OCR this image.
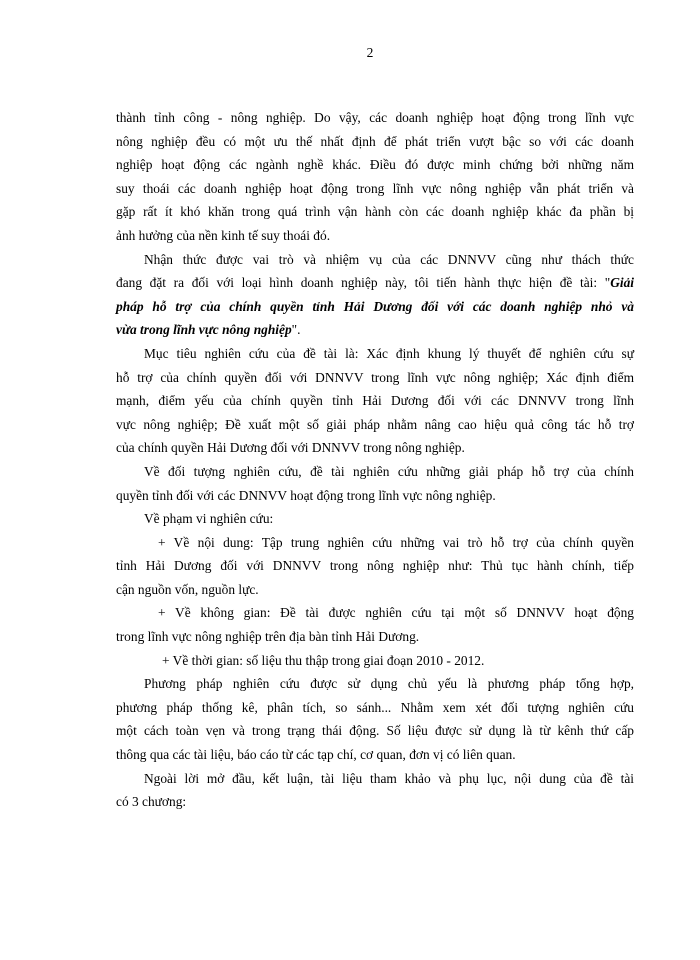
2
thành tỉnh công - nông nghiệp. Do vậy, các doanh nghiệp hoạt động trong lĩnh vực
nông nghiệp đều có một ưu thế nhất định để phát triển vượt bậc so với các doanh
nghiệp hoạt động các ngành nghề khác. Điều đó được minh chứng bởi những năm
suy thoái các doanh nghiệp hoạt động trong lĩnh vực nông nghiệp vẫn phát triển và
gặp rất ít khó khăn trong quá trình vận hành còn các doanh nghiệp khác đa phần bị
ảnh hưởng của nền kinh tế suy thoái đó.
Nhận thức được vai trò và nhiệm vụ của các DNNVV cũng như thách thức
đang đặt ra đối với loại hình doanh nghiệp này, tôi tiến hành thực hiện đề tài: "Giải
pháp hỗ trợ của chính quyền tỉnh Hải Dương đối với các doanh nghiệp nhỏ và
vừa trong lĩnh vực nông nghiệp".
Mục tiêu nghiên cứu của đề tài là: Xác định khung lý thuyết để nghiên cứu sự
hỗ trợ của chính quyền đối với DNNVV trong lĩnh vực nông nghiệp; Xác định điểm
mạnh, điểm yếu của chính quyền tỉnh Hải Dương đối với các DNNVV trong lĩnh
vực nông nghiệp; Đề xuất một số giải pháp nhằm nâng cao hiệu quả công tác hỗ trợ
của chính quyền Hải Dương đối với DNNVV trong nông nghiệp.
Về đối tượng nghiên cứu, đề tài nghiên cứu những giải pháp hỗ trợ của chính
quyền tỉnh đối với các DNNVV hoạt động trong lĩnh vực nông nghiệp.
Về phạm vi nghiên cứu:
+ Về nội dung: Tập trung nghiên cứu những vai trò hỗ trợ của chính quyền
tỉnh Hải Dương đối với DNNVV trong nông nghiệp như: Thủ tục hành chính, tiếp
cận nguồn vốn, nguồn lực.
+ Về không gian: Đề tài được nghiên cứu tại một số DNNVV hoạt động
trong lĩnh vực nông nghiệp trên địa bàn tỉnh Hải Dương.
+ Về thời gian: số liệu thu thập trong giai đoạn 2010 - 2012.
Phương pháp nghiên cứu được sử dụng chủ yếu là phương pháp tổng hợp,
phương pháp thống kê, phân tích, so sánh... Nhằm xem xét đối tượng nghiên cứu
một cách toàn vẹn và trong trạng thái động. Số liệu được sử dụng là từ kênh thứ cấp
thông qua các tài liệu, báo cáo từ các tạp chí, cơ quan, đơn vị có liên quan.
Ngoài lời mở đầu, kết luận, tài liệu tham khảo và phụ lục, nội dung của đề tài
có 3 chương:
